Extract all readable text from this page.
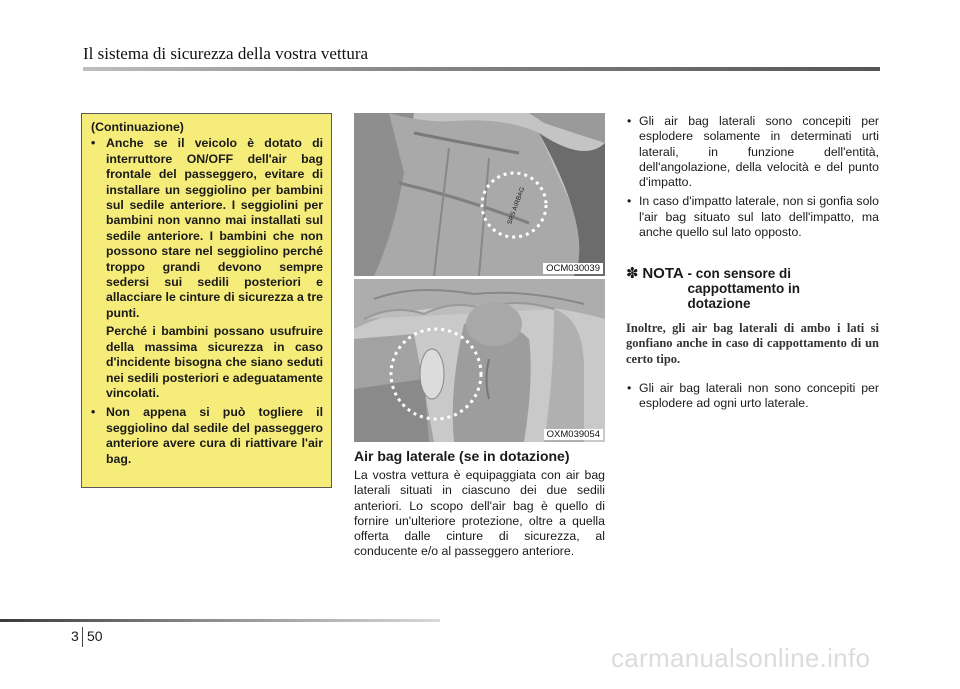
Il sistema di sicurezza della vostra vettura
(Continuazione)
• Anche se il veicolo è dotato di interruttore ON/OFF dell'air bag frontale del passeggero, evitare di installare un seggiolino per bambini sul sedile anteriore. I seggiolini per bambini non vanno mai installati sul sedile anteriore. I bambini che non possono stare nel seggiolino perché troppo grandi devono sempre sedersi sui sedili posteriori e allacciare le cinture di sicurezza a tre punti.
Perché i bambini possano usufruire della massima sicurezza in caso d'incidente bisogna che siano seduti nei sedili posteriori e adeguatamente vincolati.
• Non appena si può togliere il seggiolino dal sedile del passeggero anteriore avere cura di riattivare l'air bag.
SRS AIRBAG
OCM030039
OXM039054
Air bag laterale (se in dotazione)
La vostra vettura è equipaggiata con air bag laterali situati in ciascuno dei due sedili anteriori. Lo scopo dell'air bag è quello di fornire un'ulteriore protezione, oltre a quella offerta dalle cinture di sicurezza, al conducente e/o al passeggero anteriore.
• Gli air bag laterali sono concepiti per esplodere solamente in determinati urti laterali, in funzione dell'entità, dell'angolazione, della velocità e del punto d'impatto.
• In caso d'impatto laterale, non si gonfia solo l'air bag situato sul lato dell'impatto, ma anche quello sul lato opposto.
✽ NOTA - con sensore di cappottamento in dotazione
Inoltre, gli air bag laterali di ambo i lati si gonfiano anche in caso di cappottamento di un certo tipo.
• Gli air bag laterali non sono concepiti per esplodere ad ogni urto laterale.
3 50
carmanualsonline.info
